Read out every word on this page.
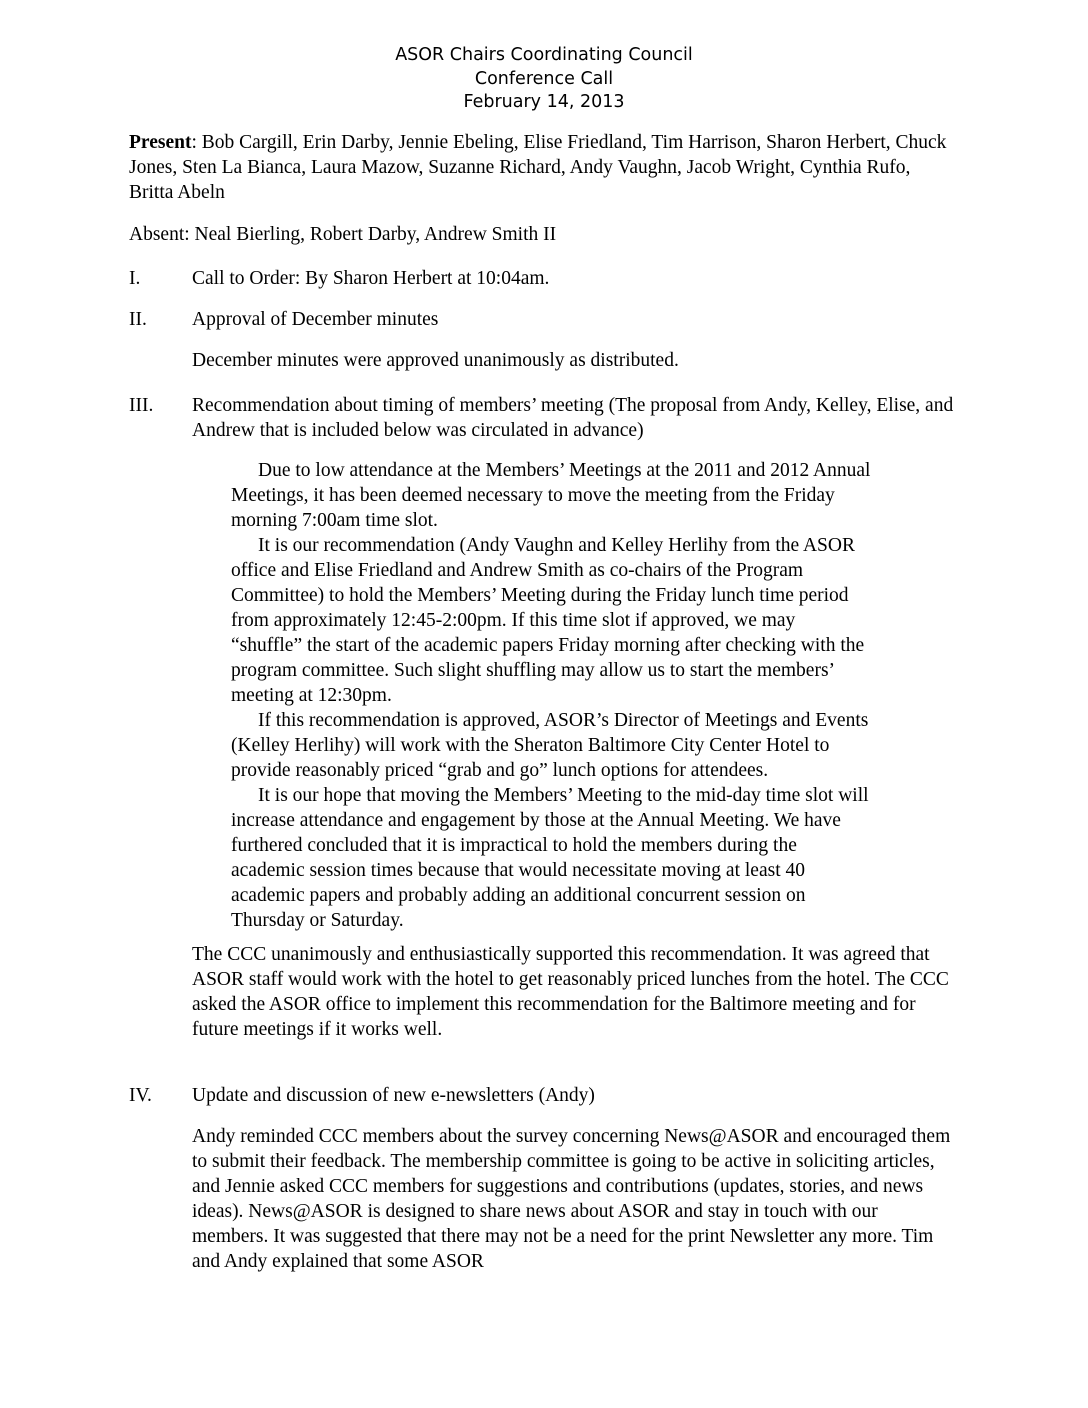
ASOR Chairs Coordinating Council
Conference Call
February 14, 2013
Present: Bob Cargill, Erin Darby, Jennie Ebeling, Elise Friedland, Tim Harrison, Sharon Herbert, Chuck Jones, Sten La Bianca, Laura Mazow, Suzanne Richard, Andy Vaughn, Jacob Wright, Cynthia Rufo, Britta Abeln
Absent: Neal Bierling, Robert Darby, Andrew Smith II
I.	Call to Order: By Sharon Herbert at 10:04am.
II. Approval of December minutes
December minutes were approved unanimously as distributed.
III. Recommendation about timing of members’ meeting (The proposal from Andy, Kelley, Elise, and Andrew that is included below was circulated in advance)

Due to low attendance at the Members’ Meetings at the 2011 and 2012 Annual Meetings, it has been deemed necessary to move the meeting from the Friday morning 7:00am time slot.

It is our recommendation (Andy Vaughn and Kelley Herlihy from the ASOR office and Elise Friedland and Andrew Smith as co-chairs of the Program Committee) to hold the Members’ Meeting during the Friday lunch time period from approximately 12:45-2:00pm. If this time slot if approved, we may “shuffle” the start of the academic papers Friday morning after checking with the program committee. Such slight shuffling may allow us to start the members’ meeting at 12:30pm.

If this recommendation is approved, ASOR’s Director of Meetings and Events (Kelley Herlihy) will work with the Sheraton Baltimore City Center Hotel to provide reasonably priced “grab and go” lunch options for attendees.

It is our hope that moving the Members’ Meeting to the mid-day time slot will increase attendance and engagement by those at the Annual Meeting. We have furthered concluded that it is impractical to hold the members during the academic session times because that would necessitate moving at least 40 academic papers and probably adding an additional concurrent session on Thursday or Saturday.

The CCC unanimously and enthusiastically supported this recommendation. It was agreed that ASOR staff would work with the hotel to get reasonably priced lunches from the hotel. The CCC asked the ASOR office to implement this recommendation for the Baltimore meeting and for future meetings if it works well.
IV. Update and discussion of new e-newsletters (Andy)
Andy reminded CCC members about the survey concerning News@ASOR and encouraged them to submit their feedback. The membership committee is going to be active in soliciting articles, and Jennie asked CCC members for suggestions and contributions (updates, stories, and news ideas). News@ASOR is designed to share news about ASOR and stay in touch with our members. It was suggested that there may not be a need for the print Newsletter any more. Tim and Andy explained that some ASOR
